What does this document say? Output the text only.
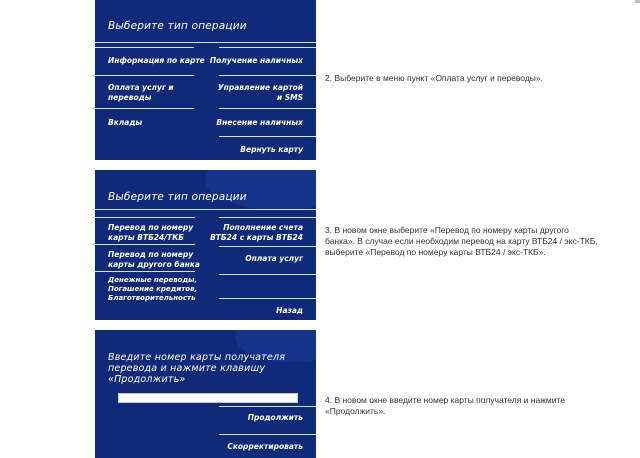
Выберите тип операции
Информация по карте
Оплата услуг и
переводы
Вклады
Получение наличных
Управление картой
и SMS
Внесение наличных
Вернуть карту
2. Выберите в меню пункт «Оплата услуг и переводы».
Выберите тип операции
Перевод по номеру
карты ВТБ24/ТКБ
Перевод по номеру
карты другого банка
Денежные переводы,
Погашение кредитов,
Благотворительность
Пополнение счета
ВТБ24 с карты ВТБ24
Оплата услуг
Назад
3. В новом окне выберите «Перевод по номеру карты другого банка». В случае если необходим перевод на карту ВТБ24 / экс-ТКБ, выберите «Перевод по номеру карты ВТБ24 / экс-ТКБ».
Введите номер карты получателя перевода и нажмите клавишу «Продолжить»
Продолжить
Скорректировать
4. В новом окне введите номер карты получателя и нажмите «Продолжить».
